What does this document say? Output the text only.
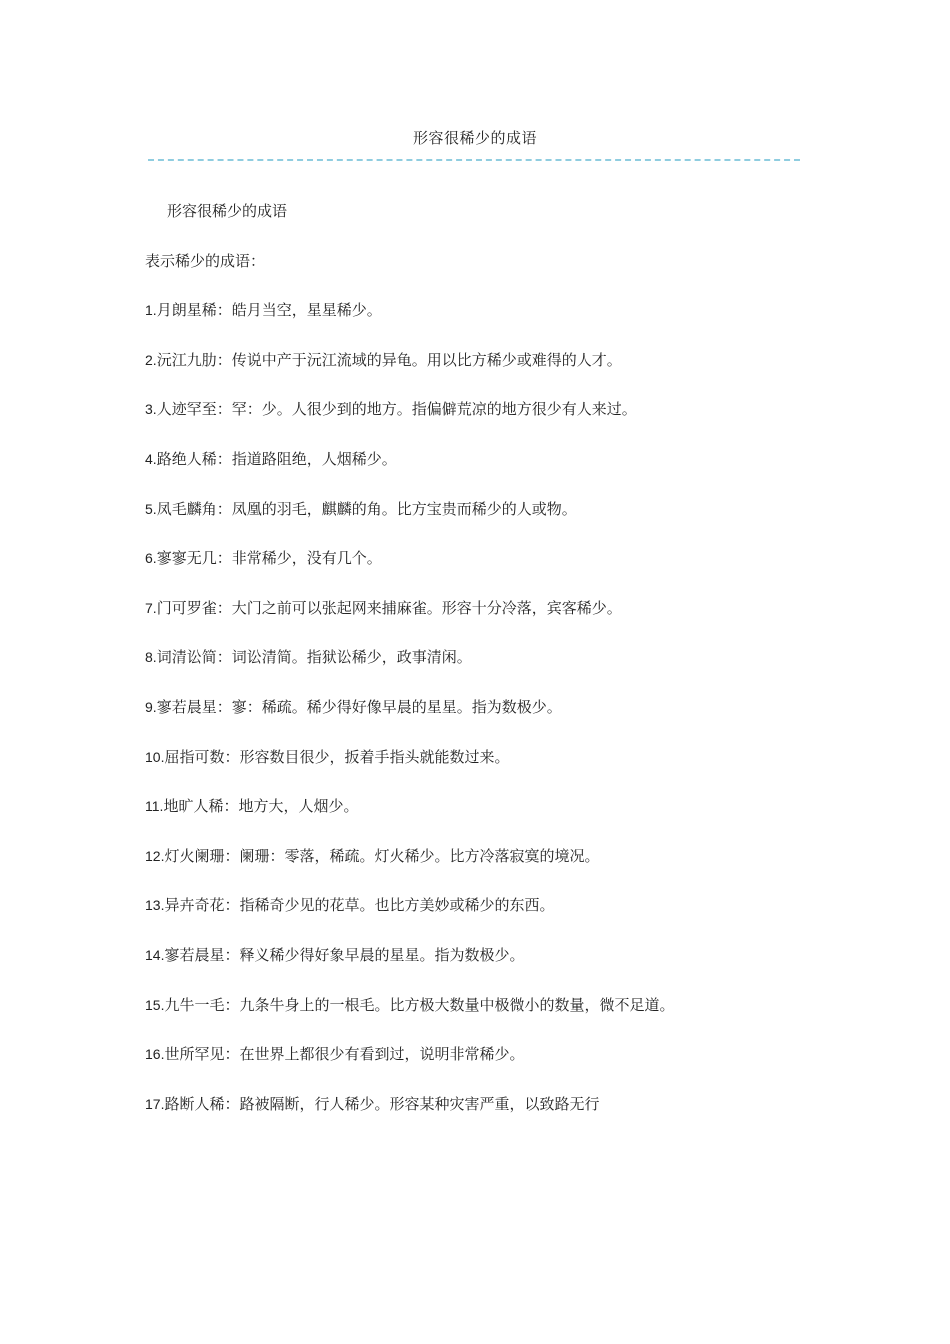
形容很稀少的成语

形容很稀少的成语

表示稀少的成语：

1.月朗星稀：皓月当空，星星稀少。

2.沅江九肋：传说中产于沅江流域的异龟。用以比方稀少或难得的人才。

3.人迹罕至：罕：少。人很少到的地方。指偏僻荒凉的地方很少有人来过。

4.路绝人稀：指道路阻绝，人烟稀少。

5.凤毛麟角：凤凰的羽毛，麒麟的角。比方宝贵而稀少的人或物。

6.寥寥无几：非常稀少，没有几个。

7.门可罗雀：大门之前可以张起网来捕麻雀。形容十分冷落，宾客稀少。

8.词清讼简：词讼清简。指狱讼稀少，政事清闲。

9.寥若晨星：寥：稀疏。稀少得好像早晨的星星。指为数极少。

10.屈指可数：形容数目很少，扳着手指头就能数过来。

11.地旷人稀：地方大，人烟少。

12.灯火阑珊：阑珊：零落，稀疏。灯火稀少。比方冷落寂寞的境况。

13.异卉奇花：指稀奇少见的花草。也比方美妙或稀少的东西。

14.寥若晨星：释义稀少得好象早晨的星星。指为数极少。

15.九牛一毛：九条牛身上的一根毛。比方极大数量中极微小的数量，微不足道。

16.世所罕见：在世界上都很少有看到过，说明非常稀少。

17.路断人稀：路被隔断，行人稀少。形容某种灾害严重，以致路无行
